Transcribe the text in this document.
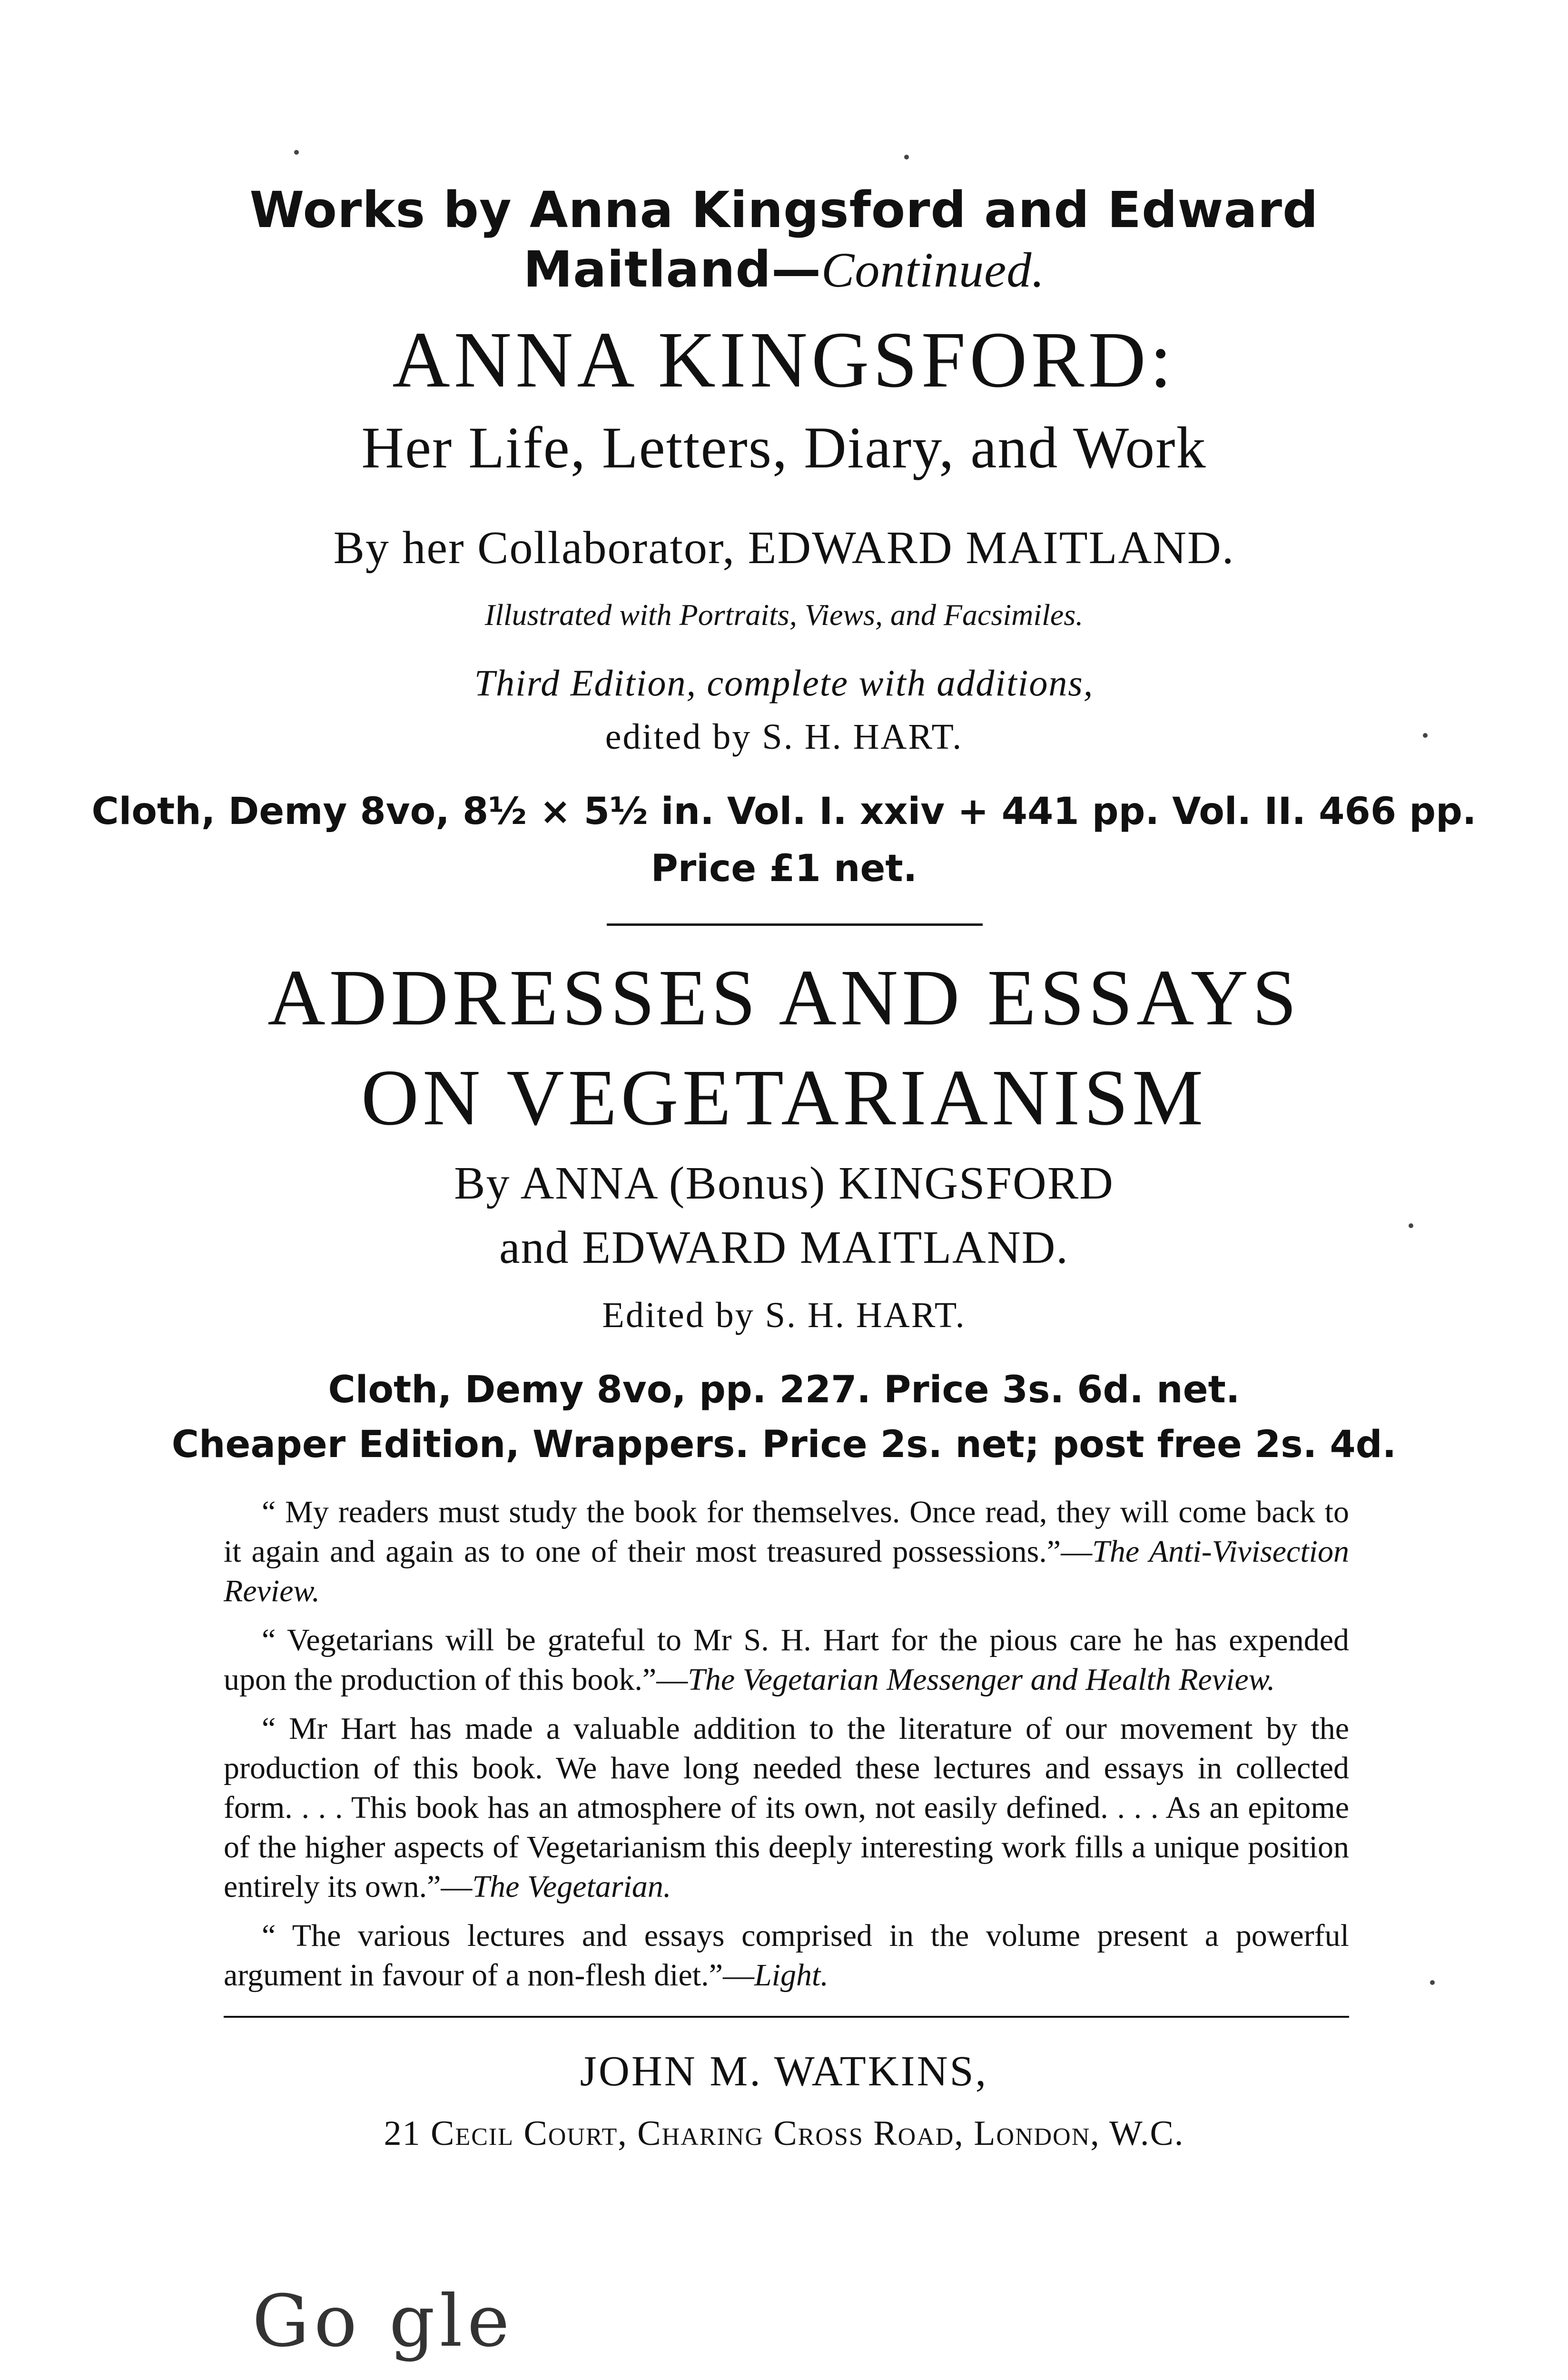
Works by Anna Kingsford and Edward
Maitland—Continued.
ANNA KINGSFORD:
Her Life, Letters, Diary, and Work
By her Collaborator, EDWARD MAITLAND.
Illustrated with Portraits, Views, and Facsimiles.
Third Edition, complete with additions,
edited by S. H. HART.
Cloth, Demy 8vo, 8½ × 5½ in. Vol. I. xxiv + 441 pp. Vol. II. 466 pp.
Price £1 net.
ADDRESSES AND ESSAYS
ON VEGETARIANISM
By ANNA (Bonus) KINGSFORD
and EDWARD MAITLAND.
Edited by S. H. HART.
Cloth, Demy 8vo, pp. 227. Price 3s. 6d. net.
Cheaper Edition, Wrappers. Price 2s. net; post free 2s. 4d.

“ My readers must study the book for themselves. Once read, they will come back to it again and again as to one of their most treasured possessions.”—The Anti-Vivisection Review.

“ Vegetarians will be grateful to Mr S. H. Hart for the pious care he has expended upon the production of this book.”—The Vegetarian Messenger and Health Review.

“ Mr Hart has made a valuable addition to the literature of our movement by the production of this book. We have long needed these lectures and essays in collected form. . . . This book has an atmosphere of its own, not easily defined. . . . As an epitome of the higher aspects of Vegetarianism this deeply interesting work fills a unique position entirely its own.”—The Vegetarian.

“ The various lectures and essays comprised in the volume present a powerful argument in favour of a non-flesh diet.”—Light.

JOHN M. WATKINS,
21 Cecil Court, Charing Cross Road, London, W.C.
Go gle
